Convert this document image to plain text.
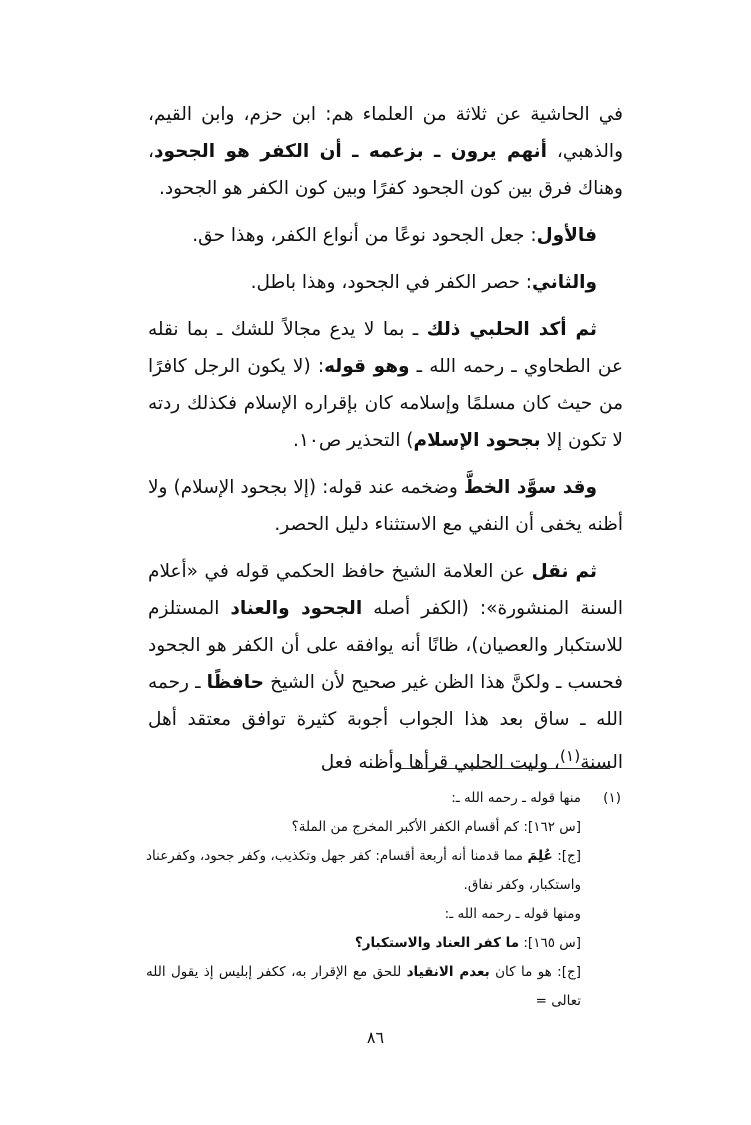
في الحاشية عن ثلاثة من العلماء هم: ابن حزم، وابن القيم، والذهبي، أنهم يرون ـ بزعمه ـ أن الكفر هو الجحود، وهناك فرق بين كون الجحود كفرًا وبين كون الكفر هو الجحود.

فالأول: جعل الجحود نوعًا من أنواع الكفر، وهذا حق.

والثاني: حصر الكفر في الجحود، وهذا باطل.

ثم أكد الحلبي ذلك ـ بما لا يدع مجالاً للشك ـ بما نقله عن الطحاوي ـ رحمه الله ـ وهو قوله: (لا يكون الرجل كافرًا من حيث كان مسلمًا وإسلامه كان بإقراره الإسلام فكذلك ردته لا تكون إلا بجحود الإسلام) التحذير ص١٠.

وقد سوَّد الخطَّ وضخمه عند قوله: (إلا بجحود الإسلام) ولا أظنه يخفى أن النفي مع الاستثناء دليل الحصر.

ثم نقل عن العلامة الشيخ حافظ الحكمي قوله في «أعلام السنة المنشورة»: (الكفر أصله الجحود والعناد المستلزم للاستكبار والعصيان)، ظانًا أنه يوافقه على أن الكفر هو الجحود فحسب ـ ولكنَّ هذا الظن غير صحيح لأن الشيخ حافظًا ـ رحمه الله ـ ساق بعد هذا الجواب أجوبة كثيرة توافق معتقد أهل السنة$^{(١)}$، وليت الحلبي قرأها وأظنه فعل

(١)منها قوله ـ رحمه الله ـ:

[س ١٦٢]: كم أقسام الكفر الأكبر المخرج من الملة؟

[ج]: عُلِمَ مما قدمنا أنه أربعة أقسام: كفر جهل وتكذيب، وكفر جحود، وكفرعناد واستكبار، وكفر نفاق.

ومنها قوله ـ رحمه الله ـ:

[س ١٦٥]: ما كفر العناد والاستكبار؟

[ج]: هو ما كان بعدم الانقياد للحق مع الإقرار به، ككفر إبليس إذ يقول الله تعالى =

٨٦
